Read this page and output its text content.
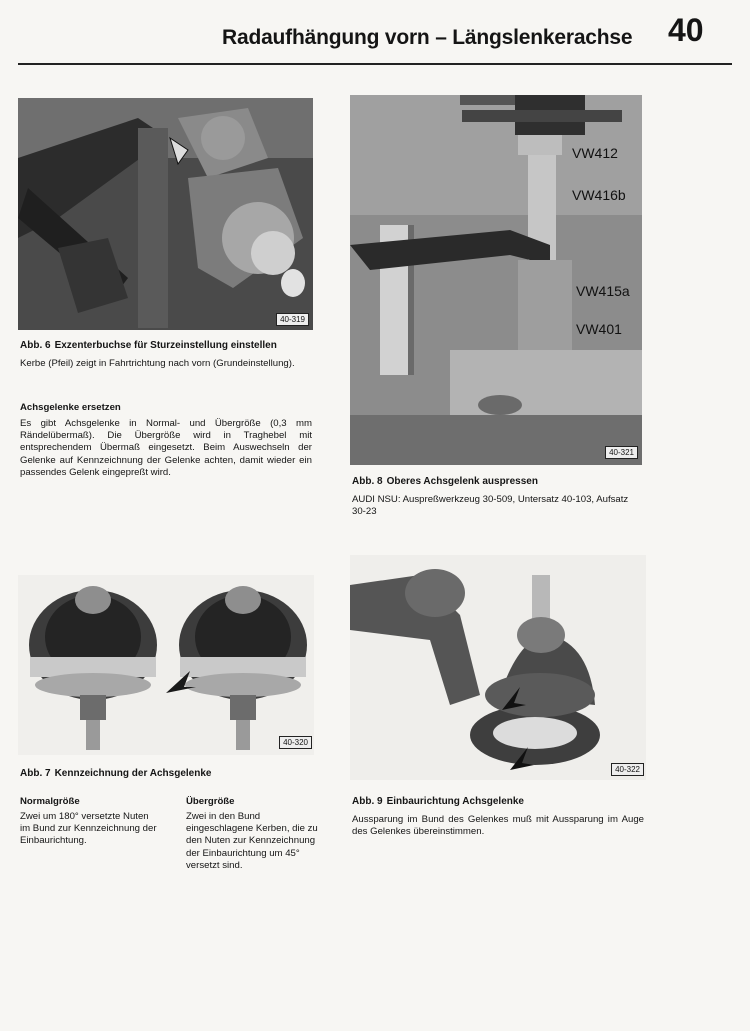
Radaufhängung vorn – Längslenkerachse 40
40-319
Abb. 6 Exzenterbuchse für Sturzeinstellung einstellen
Kerbe (Pfeil) zeigt in Fahrtrichtung nach vorn (Grundeinstellung).
Achsgelenke ersetzen
Es gibt Achsgelenke in Normal- und Übergröße (0,3 mm Rändelübermaß). Die Übergröße wird in Traghebel mit entsprechendem Übermaß eingesetzt. Beim Auswechseln der Gelenke auf Kennzeichnung der Gelenke achten, damit wieder ein passendes Gelenk eingepreßt wird.
40-320
Abb. 7 Kennzeichnung der Achsgelenke
Normalgröße
Zwei um 180° versetzte Nuten im Bund zur Kennzeichnung der Einbaurichtung.
Übergröße
Zwei in den Bund eingeschlagene Kerben, die zu den Nuten zur Kennzeichnung der Einbaurichtung um 45° versetzt sind.
VW412
VW416b
VW415a
VW401
40-321
Abb. 8 Oberes Achsgelenk auspressen
AUDI NSU: Ausprеßwerkzeug 30-509, Untersatz 40-103, Aufsatz 30-23
40-322
Abb. 9 Einbaurichtung Achsgelenke
Aussparung im Bund des Gelenkes muß mit Aussparung im Auge des Gelenkes übereinstimmen.
